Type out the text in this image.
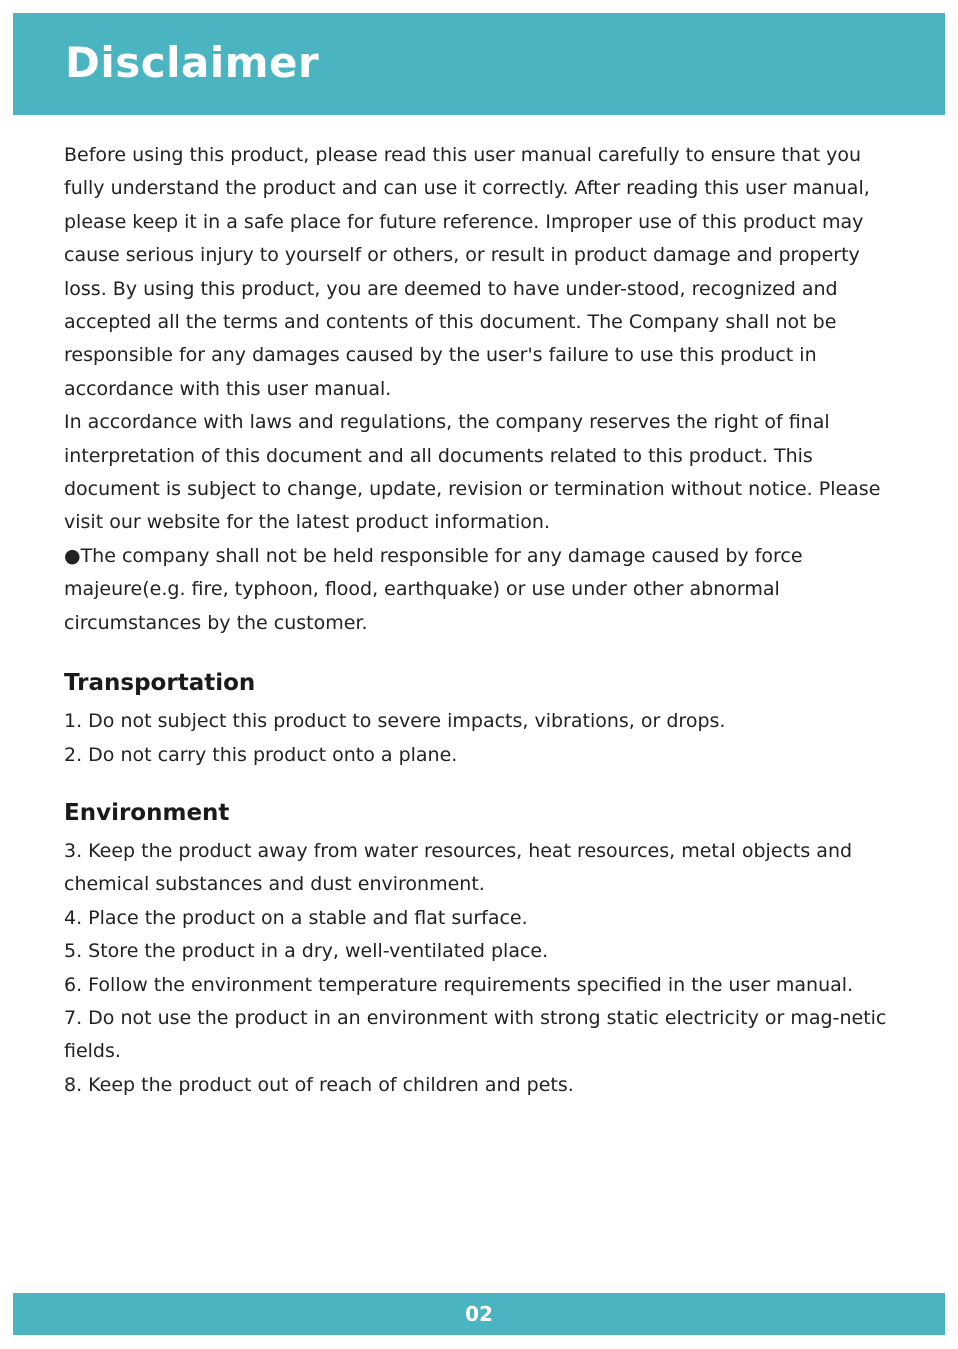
Disclaimer

Before using this product, please read this user manual carefully to ensure that you fully understand the product and can use it correctly. After reading this user manual, please keep it in a safe place for future reference. Improper use of this product may cause serious injury to yourself or others, or result in product damage and property loss. By using this product, you are deemed to have under-stood, recognized and accepted all the terms and contents of this document. The Company shall not be responsible for any damages caused by the user's failure to use this product in accordance with this user manual.

In accordance with laws and regulations, the company reserves the right of final interpretation of this document and all documents related to this product. This document is subject to change, update, revision or termination without notice. Please visit our website for the latest product information.

●The company shall not be held responsible for any damage caused by force majeure(e.g. fire, typhoon, flood, earthquake) or use under other abnormal circumstances by the customer.

Transportation
1. Do not subject this product to severe impacts, vibrations, or drops.
2. Do not carry this product onto a plane.
Environment
3. Keep the product away from water resources, heat resources, metal objects and chemical substances and dust environment.
4. Place the product on a stable and flat surface.
5. Store the product in a dry, well-ventilated place.
6. Follow the environment temperature requirements specified in the user manual.
7. Do not use the product in an environment with strong static electricity or mag-netic fields.
8. Keep the product out of reach of children and pets.
02
